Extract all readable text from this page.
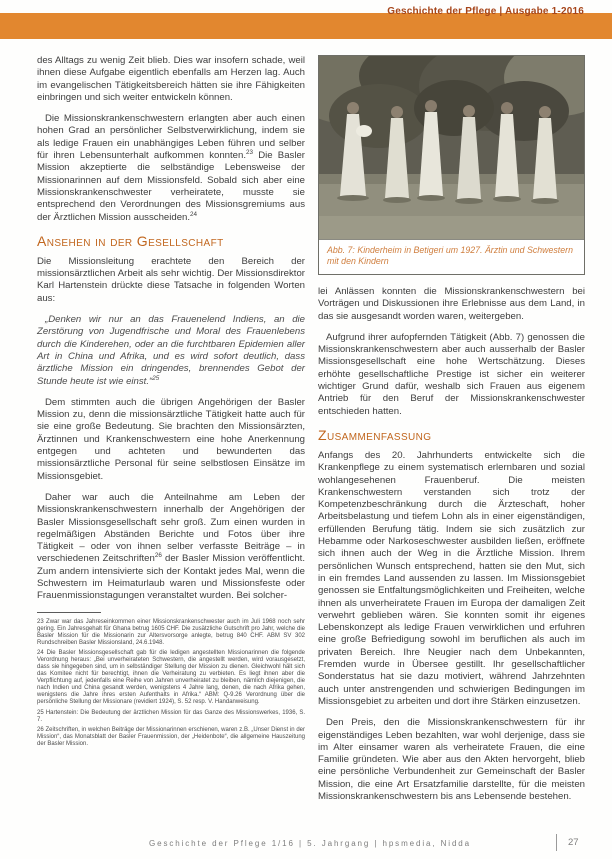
Geschichte der Pflege | Ausgabe 1-2016

des Alltags zu wenig Zeit blieb. Dies war insofern schade, weil ihnen diese Aufgabe eigentlich ebenfalls am Herzen lag. Auch im evangelischen Tätigkeitsbereich hätten sie ihre Fähigkeiten einbringen und sich weiter entwickeln können.

Die Missionskrankenschwestern erlangten aber auch einen hohen Grad an persönlicher Selbstverwirklichung, indem sie als ledige Frauen ein unabhängiges Leben führen und selber für ihren Lebensunterhalt aufkommen konnten.$^{23}$ Die Basler Mission akzeptierte die selbständige Lebensweise der Missionarinnen auf dem Missionsfeld. Sobald sich aber eine Missionskrankenschwester verheiratete, musste sie entsprechend den Verordnungen des Missionsgremiums aus der Ärztlichen Mission ausscheiden.$^{24}$

Ansehen in der Gesellschaft

Die Missionsleitung erachtete den Bereich der missionsärztlichen Arbeit als sehr wichtig. Der Missionsdirektor Karl Hartenstein drückte diese Tatsache in folgenden Worten aus:

„Denken wir nur an das Frauenelend Indiens, an die Zerstörung von Jugendfrische und Moral des Frauenlebens durch die Kinderehen, oder an die furchtbaren Epidemien aller Art in China und Afrika, und es wird sofort deutlich, dass ärztliche Mission ein dringendes, brennendes Gebot der Stunde heute ist wie einst.“$^{25}$

Dem stimmten auch die übrigen Angehörigen der Basler Mission zu, denn die missionsärztliche Tätigkeit hatte auch für sie eine große Bedeutung. Sie brachten den Missionsärzten, Ärztinnen und Krankenschwestern eine hohe Anerkennung entgegen und achteten und bewunderten das missionsärztliche Personal für seine selbstlosen Einsätze im Missionsgebiet.

Daher war auch die Anteilnahme am Leben der Missionskrankenschwestern innerhalb der Angehörigen der Basler Missionsgesellschaft sehr groß. Zum einen wurden in regelmäßigen Abständen Berichte und Fotos über ihre Tätigkeit – oder von ihnen selber verfasste Beiträge – in verschiedenen Zeitschriften$^{26}$ der Basler Mission veröffentlicht. Zum andern intensivierte sich der Kontakt jedes Mal, wenn die Schwestern im Heimaturlaub waren und Missionsfeste oder Frauenmissionstagungen veranstaltet wurden. Bei solcher-

23 Zwar war das Jahreseinkommen einer Missionskrankenschwester auch im Juli 1968 noch sehr gering. Ein Jahresgehalt für Ghana betrug 1605 CHF. Die zusätzliche Gutschrift pro Jahr, welche die Basler Mission für die Missionarin zur Altersvorsorge anlegte, betrug 840 CHF. ABM SV 302 Rundschreiben Basler Missionsland, 24.6.1948.

24 Die Basler Missionsgesellschaft gab für die ledigen angestellten Missionarinnen die folgende Verordnung heraus: „Bei unverheirateten Schwestern, die angestellt werden, wird vorausgesetzt, dass sie hingegeben sind, um in selbständiger Stellung der Mission zu dienen. Gleichwohl hält sich das Komitee nicht für berechtigt, ihnen die Verheiratung zu verbieten. Es liegt ihnen aber die Verpflichtung auf, jedenfalls eine Reihe von Jahren unverheiratet zu bleiben, nämlich diejenigen, die nach Indien und China gesandt werden, wenigstens 4 Jahre lang, denen, die nach Afrika gehen, wenigstens die Jahre ihres ersten Aufenthalts in Afrika.“ ABM: Q-9.26 Verordnung über die persönliche Stellung der Missionare (revidiert 1924), S. 52 resp. V. Handanweisung.

25 Hartenstein: Die Bedeutung der ärztlichen Mission für das Ganze des Missionswerkes, 1936, S. 7.

26 Zeitschriften, in welchen Beiträge der Missionarinnen erschienen, waren z.B. „Unser Dienst in der Mission“, das Monatsblatt der Basler Frauenmission, der „Heidenbote“, die allgemeine Hauszeitung der Basler Mission.

Abb. 7: Kinderheim in Betigeri um 1927. Ärztin und Schwestern mit den Kindern

lei Anlässen konnten die Missionskrankenschwestern bei Vorträgen und Diskussionen ihre Erlebnisse aus dem Land, in das sie ausgesandt worden waren, weitergeben.

Aufgrund ihrer aufopfernden Tätigkeit (Abb. 7) genossen die Missionskrankenschwestern aber auch ausserhalb der Basler Missionsgesellschaft eine hohe Wertschätzung. Dieses erhöhte gesellschaftliche Prestige ist sicher ein weiterer wichtiger Grund dafür, weshalb sich Frauen aus eigenem Antrieb für den Beruf der Missionskrankenschwester entschieden hatten.

Zusammenfassung

Anfangs des 20. Jahrhunderts entwickelte sich die Krankenpflege zu einem systematisch erlernbaren und sozial wohlangesehenen Frauenberuf. Die meisten Krankenschwestern verstanden sich trotz der Kompetenzbeschränkung durch die Ärzteschaft, hoher Arbeitsbelastung und tiefem Lohn als in einer eigenständigen, erfüllenden Berufung tätig. Indem sie sich zusätzlich zur Hebamme oder Narkoseschwester ausbilden ließen, eröffnete sich ihnen auch der Weg in die Ärztliche Mission. Ihrem persönlichen Wunsch entsprechend, hatten sie den Mut, sich in ein fremdes Land aussenden zu lassen. Im Missionsgebiet genossen sie Entfaltungsmöglichkeiten und Freiheiten, welche ihnen als unverheiratete Frauen im Europa der damaligen Zeit verwehrt geblieben wären. Sie konnten somit ihr eigenes Lebenskonzept als ledige Frauen verwirklichen und erfuhren eine große Befriedigung sowohl im beruflichen als auch im privaten Bereich. Ihre Neugier nach dem Unbekannten, Fremden wurde in Übersee gestillt. Ihr gesellschaftlicher Sonderstatus hat sie dazu motiviert, während Jahrzehnten auch unter anstrengenden und schwierigen Bedingungen im Missionsgebiet zu arbeiten und dort ihre Stärken einzusetzen.

Den Preis, den die Missionskrankenschwestern für ihr eigenständiges Leben bezahlten, war wohl derjenige, dass sie im Alter einsamer waren als verheiratete Frauen, die eine Familie gründeten. Wie aber aus den Akten hervorgeht, blieb eine persönliche Verbundenheit zur Gemeinschaft der Basler Mission, die eine Art Ersatzfamilie darstellte, für die meisten Missionskrankenschwestern bis ans Lebensende bestehen.

Geschichte der Pflege 1/16 | 5. Jahrgang | hpsmedia, Nidda	27
